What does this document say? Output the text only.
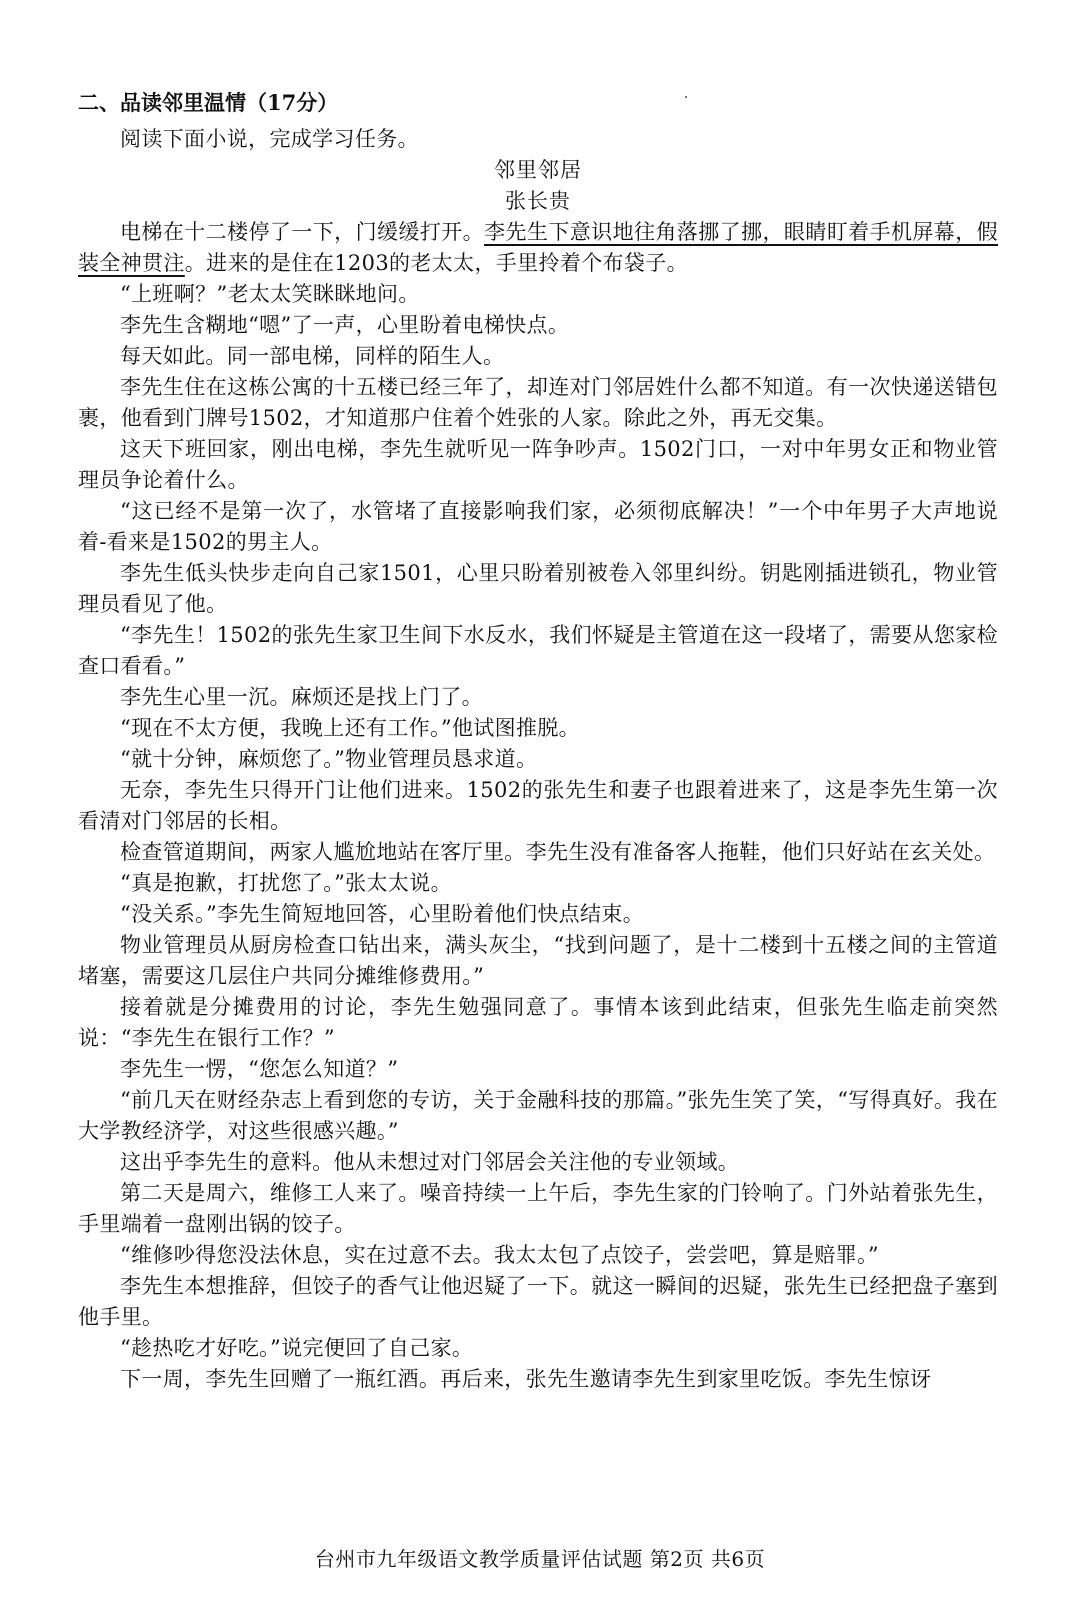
二、品读邻里温情（17分）

阅读下面小说，完成学习任务。

邻里邻居

张长贵

电梯在十二楼停了一下，门缓缓打开。李先生下意识地往角落挪了挪，眼睛盯着手机屏幕，假装全神贯注。进来的是住在1203的老太太，手里拎着个布袋子。

“上班啊？”老太太笑眯眯地问。

李先生含糊地“嗯”了一声，心里盼着电梯快点。

每天如此。同一部电梯，同样的陌生人。

李先生住在这栋公寓的十五楼已经三年了，却连对门邻居姓什么都不知道。有一次快递送错包裹，他看到门牌号1502，才知道那户住着个姓张的人家。除此之外，再无交集。

这天下班回家，刚出电梯，李先生就听见一阵争吵声。1502门口，一对中年男女正和物业管理员争论着什么。

“这已经不是第一次了，水管堵了直接影响我们家，必须彻底解决！”一个中年男子大声地说着-看来是1502的男主人。

李先生低头快步走向自己家1501，心里只盼着别被卷入邻里纠纷。钥匙刚插进锁孔，物业管理员看见了他。

“李先生！1502的张先生家卫生间下水反水，我们怀疑是主管道在这一段堵了，需要从您家检查口看看。”

李先生心里一沉。麻烦还是找上门了。

“现在不太方便，我晚上还有工作。”他试图推脱。

“就十分钟，麻烦您了。”物业管理员恳求道。

无奈，李先生只得开门让他们进来。1502的张先生和妻子也跟着进来了，这是李先生第一次看清对门邻居的长相。

检查管道期间，两家人尴尬地站在客厅里。李先生没有准备客人拖鞋，他们只好站在玄关处。

“真是抱歉，打扰您了。”张太太说。

“没关系。”李先生简短地回答，心里盼着他们快点结束。

物业管理员从厨房检查口钻出来，满头灰尘，“找到问题了，是十二楼到十五楼之间的主管道堵塞，需要这几层住户共同分摊维修费用。”

接着就是分摊费用的讨论，李先生勉强同意了。事情本该到此结束，但张先生临走前突然说：“李先生在银行工作？”

李先生一愣，“您怎么知道？”

“前几天在财经杂志上看到您的专访，关于金融科技的那篇。”张先生笑了笑，“写得真好。我在大学教经济学，对这些很感兴趣。”

这出乎李先生的意料。他从未想过对门邻居会关注他的专业领域。

第二天是周六，维修工人来了。噪音持续一上午后，李先生家的门铃响了。门外站着张先生，手里端着一盘刚出锅的饺子。

“维修吵得您没法休息，实在过意不去。我太太包了点饺子，尝尝吧，算是赔罪。”

李先生本想推辞，但饺子的香气让他迟疑了一下。就这一瞬间的迟疑，张先生已经把盘子塞到他手里。

“趁热吃才好吃。”说完便回了自己家。

下一周，李先生回赠了一瓶红酒。再后来，张先生邀请李先生到家里吃饭。李先生惊讶

台州市九年级语文教学质量评估试题 第2页 共6页
